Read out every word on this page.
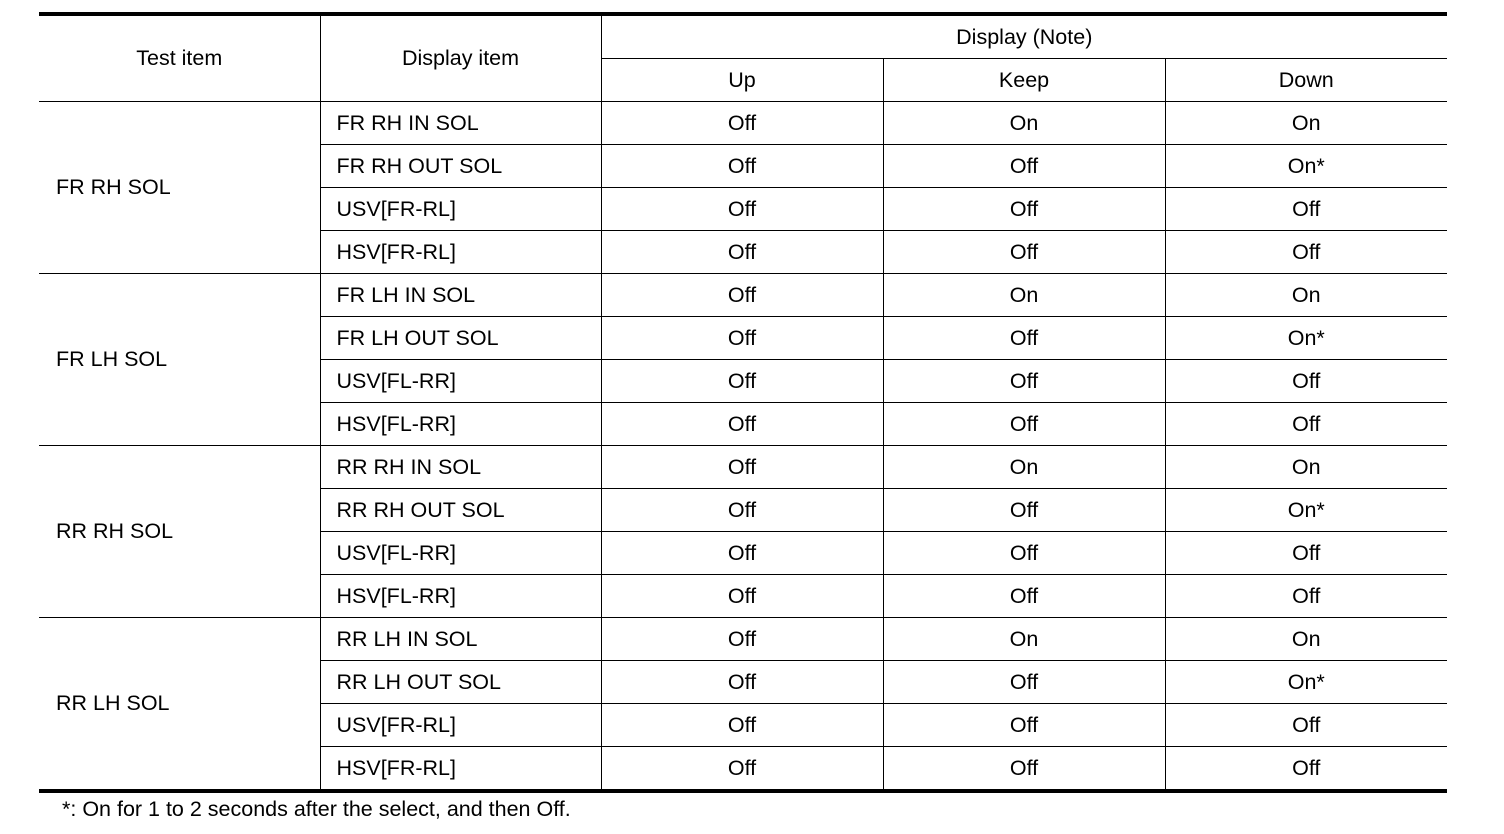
Test item	Display item	Display (Note)		
		Up	Keep	Down
FR RH SOL	FR RH IN SOL	Off	On	On
	FR RH OUT SOL	Off	Off	On*
	USV[FR-RL]	Off	Off	Off
	HSV[FR-RL]	Off	Off	Off
FR LH SOL	FR LH IN SOL	Off	On	On
	FR LH OUT SOL	Off	Off	On*
	USV[FL-RR]	Off	Off	Off
	HSV[FL-RR]	Off	Off	Off
RR RH SOL	RR RH IN SOL	Off	On	On
	RR RH OUT SOL	Off	Off	On*
	USV[FL-RR]	Off	Off	Off
	HSV[FL-RR]	Off	Off	Off
RR LH SOL	RR LH IN SOL	Off	On	On
	RR LH OUT SOL	Off	Off	On*
	USV[FR-RL]	Off	Off	Off
	HSV[FR-RL]	Off	Off	Off
*: On for 1 to 2 seconds after the select, and then Off.
